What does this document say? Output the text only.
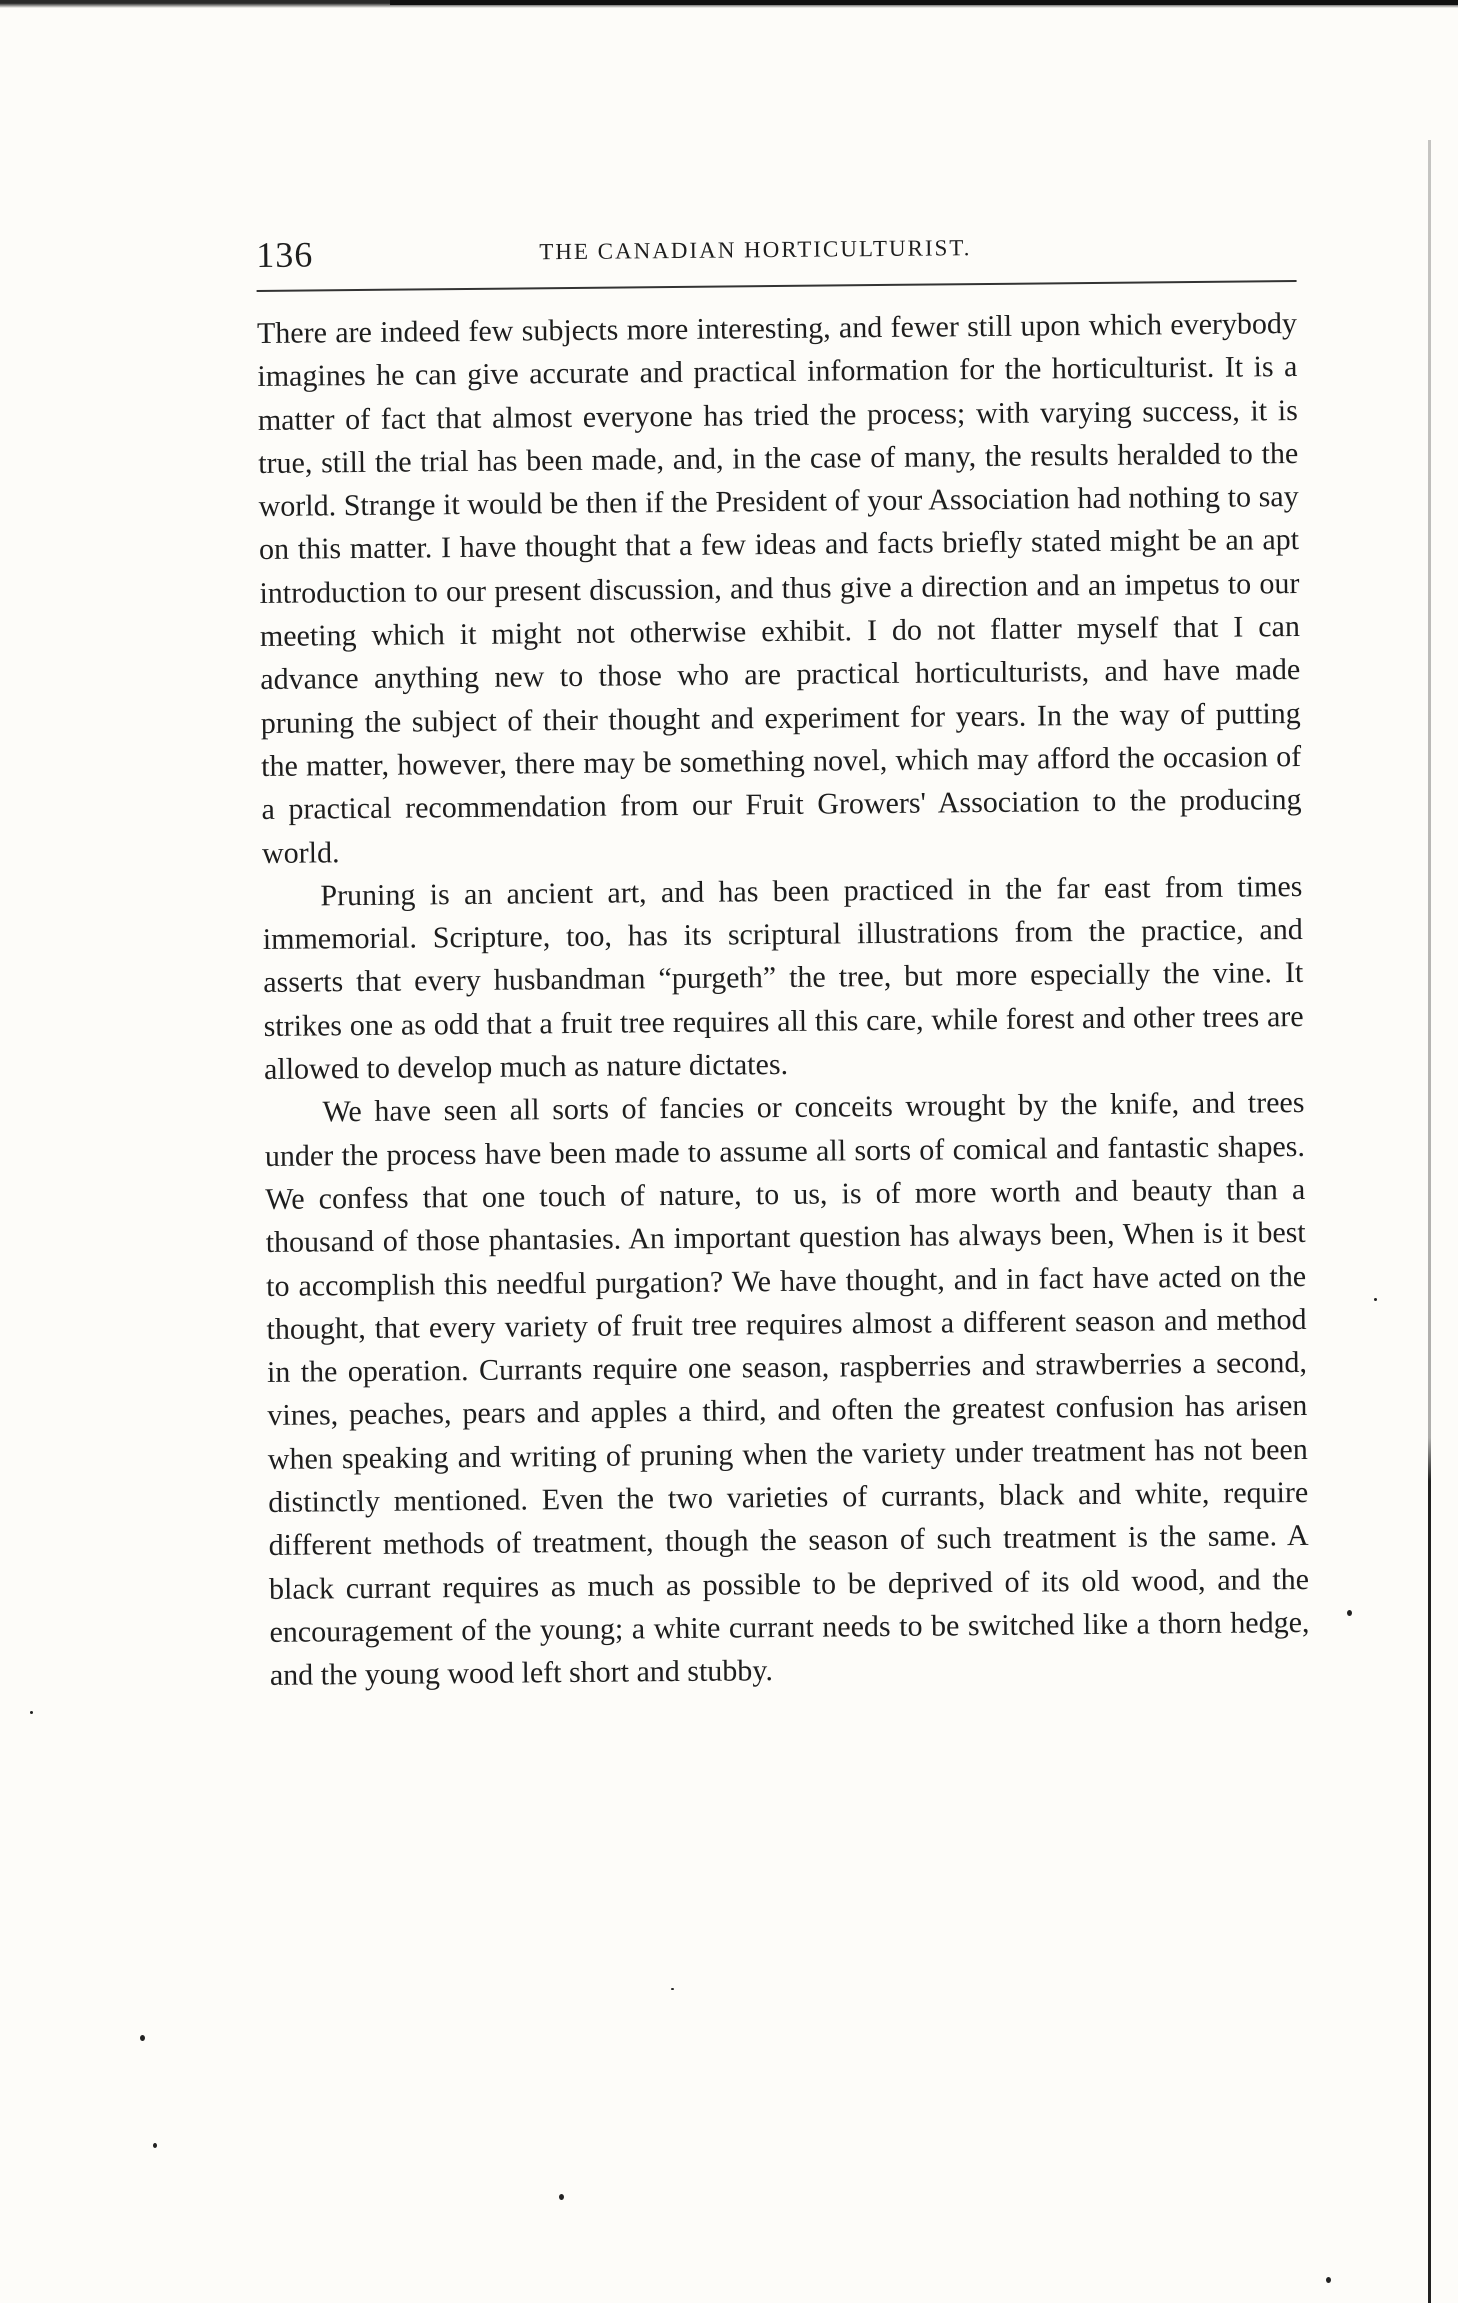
136	THE CANADIAN HORTICULTURIST.

There are indeed few subjects more interesting, and fewer still upon which everybody imagines he can give accurate and practical information for the horticulturist. It is a matter of fact that almost everyone has tried the process; with varying success, it is true, still the trial has been made, and, in the case of many, the results heralded to the world. Strange it would be then if the President of your Association had nothing to say on this matter. I have thought that a few ideas and facts briefly stated might be an apt introduction to our present discussion, and thus give a direction and an impetus to our meeting which it might not otherwise exhibit. I do not flatter myself that I can advance anything new to those who are practical horticulturists, and have made pruning the subject of their thought and experiment for years. In the way of putting the matter, however, there may be something novel, which may afford the occasion of a practical recommendation from our Fruit Growers' Association to the producing world.

Pruning is an ancient art, and has been practiced in the far east from times immemorial. Scripture, too, has its scriptural illustrations from the practice, and asserts that every husbandman “purgeth” the tree, but more especially the vine. It strikes one as odd that a fruit tree requires all this care, while forest and other trees are allowed to develop much as nature dictates.

We have seen all sorts of fancies or conceits wrought by the knife, and trees under the process have been made to assume all sorts of comical and fantastic shapes. We confess that one touch of nature, to us, is of more worth and beauty than a thousand of those phantasies. An important question has always been, When is it best to accomplish this needful purgation? We have thought, and in fact have acted on the thought, that every variety of fruit tree requires almost a different season and method in the operation. Currants require one season, raspberries and strawberries a second, vines, peaches, pears and apples a third, and often the greatest confusion has arisen when speaking and writing of pruning when the variety under treatment has not been distinctly mentioned. Even the two varieties of currants, black and white, require different methods of treatment, though the season of such treatment is the same. A black currant requires as much as possible to be deprived of its old wood, and the encouragement of the young; a white currant needs to be switched like a thorn hedge, and the young wood left short and stubby.
